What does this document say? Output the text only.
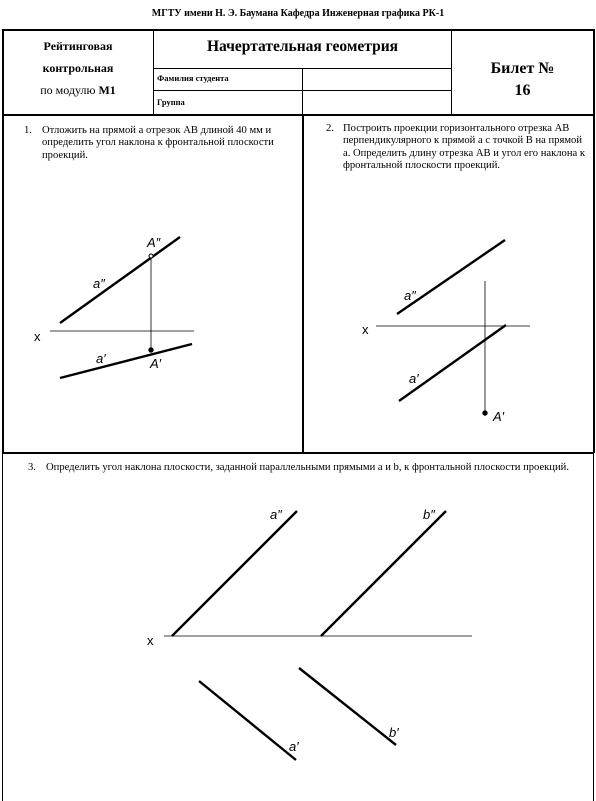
МГТУ имени Н. Э. Баумана Кафедра Инженерная графика РК-1
Рейтинговая
контрольная
по модулю М1
Начертательная геометрия
Фамилия студента
Группа
Билет №
16
1. Отложить на прямой a отрезок AB длиной 40 мм и определить угол наклона к фронтальной плоскости проекций.
2. Построить проекции горизонтального отрезка AB перпендикулярного к прямой a с точкой B на прямой a. Определить длину отрезка AB и угол его наклона к фронтальной плоскости проекций.
3. Определить угол наклона плоскости, заданной параллельными прямыми a и b, к фронтальной плоскости проекций.
x
a″
a′
A″
A′
x
a″
a′
A′
x
a″	b″
a′
b′
